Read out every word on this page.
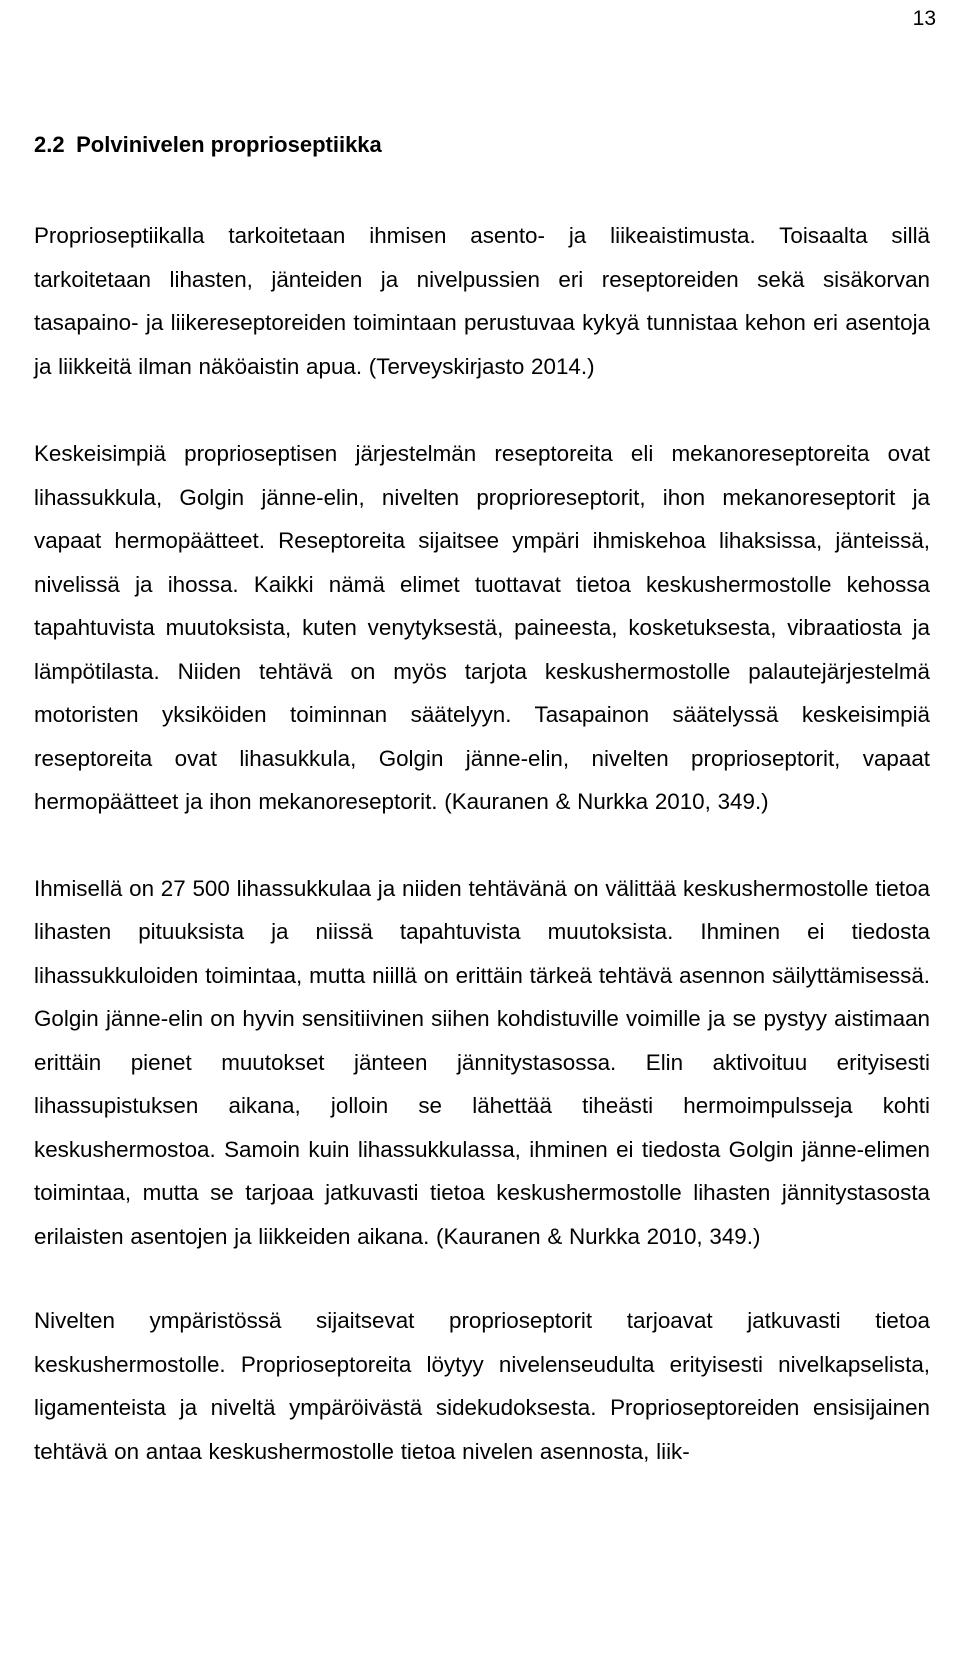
13
2.2 Polvinivelen proprioseptiikka

Proprioseptiikalla tarkoitetaan ihmisen asento- ja liikeaistimusta. Toisaalta sillä tarkoitetaan lihasten, jänteiden ja nivelpussien eri reseptoreiden sekä sisäkorvan tasapaino- ja liikereseptoreiden toimintaan perustuvaa kykyä tunnistaa kehon eri asentoja ja liikkeitä ilman näköaistin apua. (Terveyskirjasto 2014.)

Keskeisimpiä proprioseptisen järjestelmän reseptoreita eli mekanoreseptoreita ovat lihassukkula, Golgin jänne-elin, nivelten proprioreseptorit, ihon mekanoreseptorit ja vapaat hermopäätteet. Reseptoreita sijaitsee ympäri ihmiskehoa lihaksissa, jänteissä, nivelissä ja ihossa. Kaikki nämä elimet tuottavat tietoa keskushermostolle kehossa tapahtuvista muutoksista, kuten venytyksestä, paineesta, kosketuksesta, vibraatiosta ja lämpötilasta. Niiden tehtävä on myös tarjota keskushermostolle palautejärjestelmä motoristen yksiköiden toiminnan säätelyyn. Tasapainon säätelyssä keskeisimpiä reseptoreita ovat lihasukkula, Golgin jänne-elin, nivelten proprioseptorit, vapaat hermopäätteet ja ihon mekanoreseptorit. (Kauranen & Nurkka 2010, 349.)

Ihmisellä on 27 500 lihassukkulaa ja niiden tehtävänä on välittää keskushermostolle tietoa lihasten pituuksista ja niissä tapahtuvista muutoksista. Ihminen ei tiedosta lihassukkuloiden toimintaa, mutta niillä on erittäin tärkeä tehtävä asennon säilyttämisessä. Golgin jänne-elin on hyvin sensitiivinen siihen kohdistuville voimille ja se pystyy aistimaan erittäin pienet muutokset jänteen jännitystasossa. Elin aktivoituu erityisesti lihassupistuksen aikana, jolloin se lähettää tiheästi hermoimpulsseja kohti keskushermostoa. Samoin kuin lihassukkulassa, ihminen ei tiedosta Golgin jänne-elimen toimintaa, mutta se tarjoaa jatkuvasti tietoa keskushermostolle lihasten jännitystasosta erilaisten asentojen ja liikkeiden aikana. (Kauranen & Nurkka 2010, 349.)

Nivelten ympäristössä sijaitsevat proprioseptorit tarjoavat jatkuvasti tietoa keskushermostolle. Proprioseptoreita löytyy nivelenseudulta erityisesti nivelkapselista, ligamenteista ja niveltä ympäröivästä sidekudoksesta. Proprioseptoreiden ensisijainen tehtävä on antaa keskushermostolle tietoa nivelen asennosta, liik-
